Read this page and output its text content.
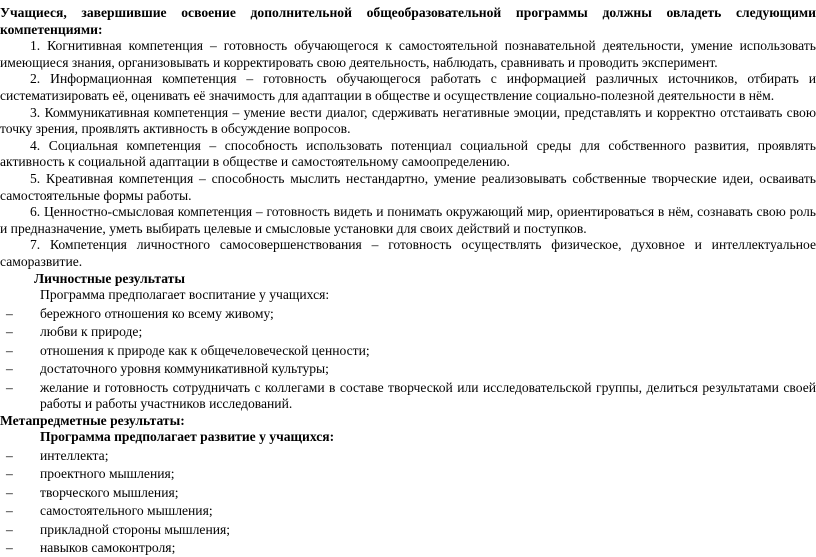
Учащиеся, завершившие освоение дополнительной общеобразовательной программы должны овладеть следующими компетенциями:

1. Когнитивная компетенция – готовность обучающегося к самостоятельной познавательной деятельности, умение использовать имеющиеся знания, организовывать и корректировать свою деятельность, наблюдать, сравнивать и проводить эксперимент.

2. Информационная компетенция – готовность обучающегося работать с информацией различных источников, отбирать и систематизировать её, оценивать её значимость для адаптации в обществе и осуществление социально-полезной деятельности в нём.

3. Коммуникативная компетенция – умение вести диалог, сдерживать негативные эмоции, представлять и корректно отстаивать свою точку зрения, проявлять активность в обсуждение вопросов.

4. Социальная компетенция – способность использовать потенциал социальной среды для собственного развития, проявлять активность к социальной адаптации в обществе и самостоятельному самоопределению.

5. Креативная компетенция – способность мыслить нестандартно, умение реализовывать собственные творческие идеи, осваивать самостоятельные формы работы.

6. Ценностно-смысловая компетенция – готовность видеть и понимать окружающий мир, ориентироваться в нём, сознавать свою роль и предназначение, уметь выбирать целевые и смысловые установки для своих действий и поступков.

7. Компетенция личностного самосовершенствования – готовность осуществлять физическое, духовное и интеллектуальное саморазвитие.

Личностные результаты

Программа предполагает воспитание у учащихся:

– бережного отношения ко всему живому;
– любви к природе;
– отношения к природе как к общечеловеческой ценности;
– достаточного уровня коммуникативной культуры;
– желание и готовность сотрудничать с коллегами в составе творческой или исследовательской группы, делиться результатами своей работы и работы участников исследований.

Метапредметные результаты:

Программа предполагает развитие у учащихся:

– интеллекта;
– проектного мышления;
– творческого мышления;
– самостоятельного мышления;
– прикладной стороны мышления;
– навыков самоконтроля;
